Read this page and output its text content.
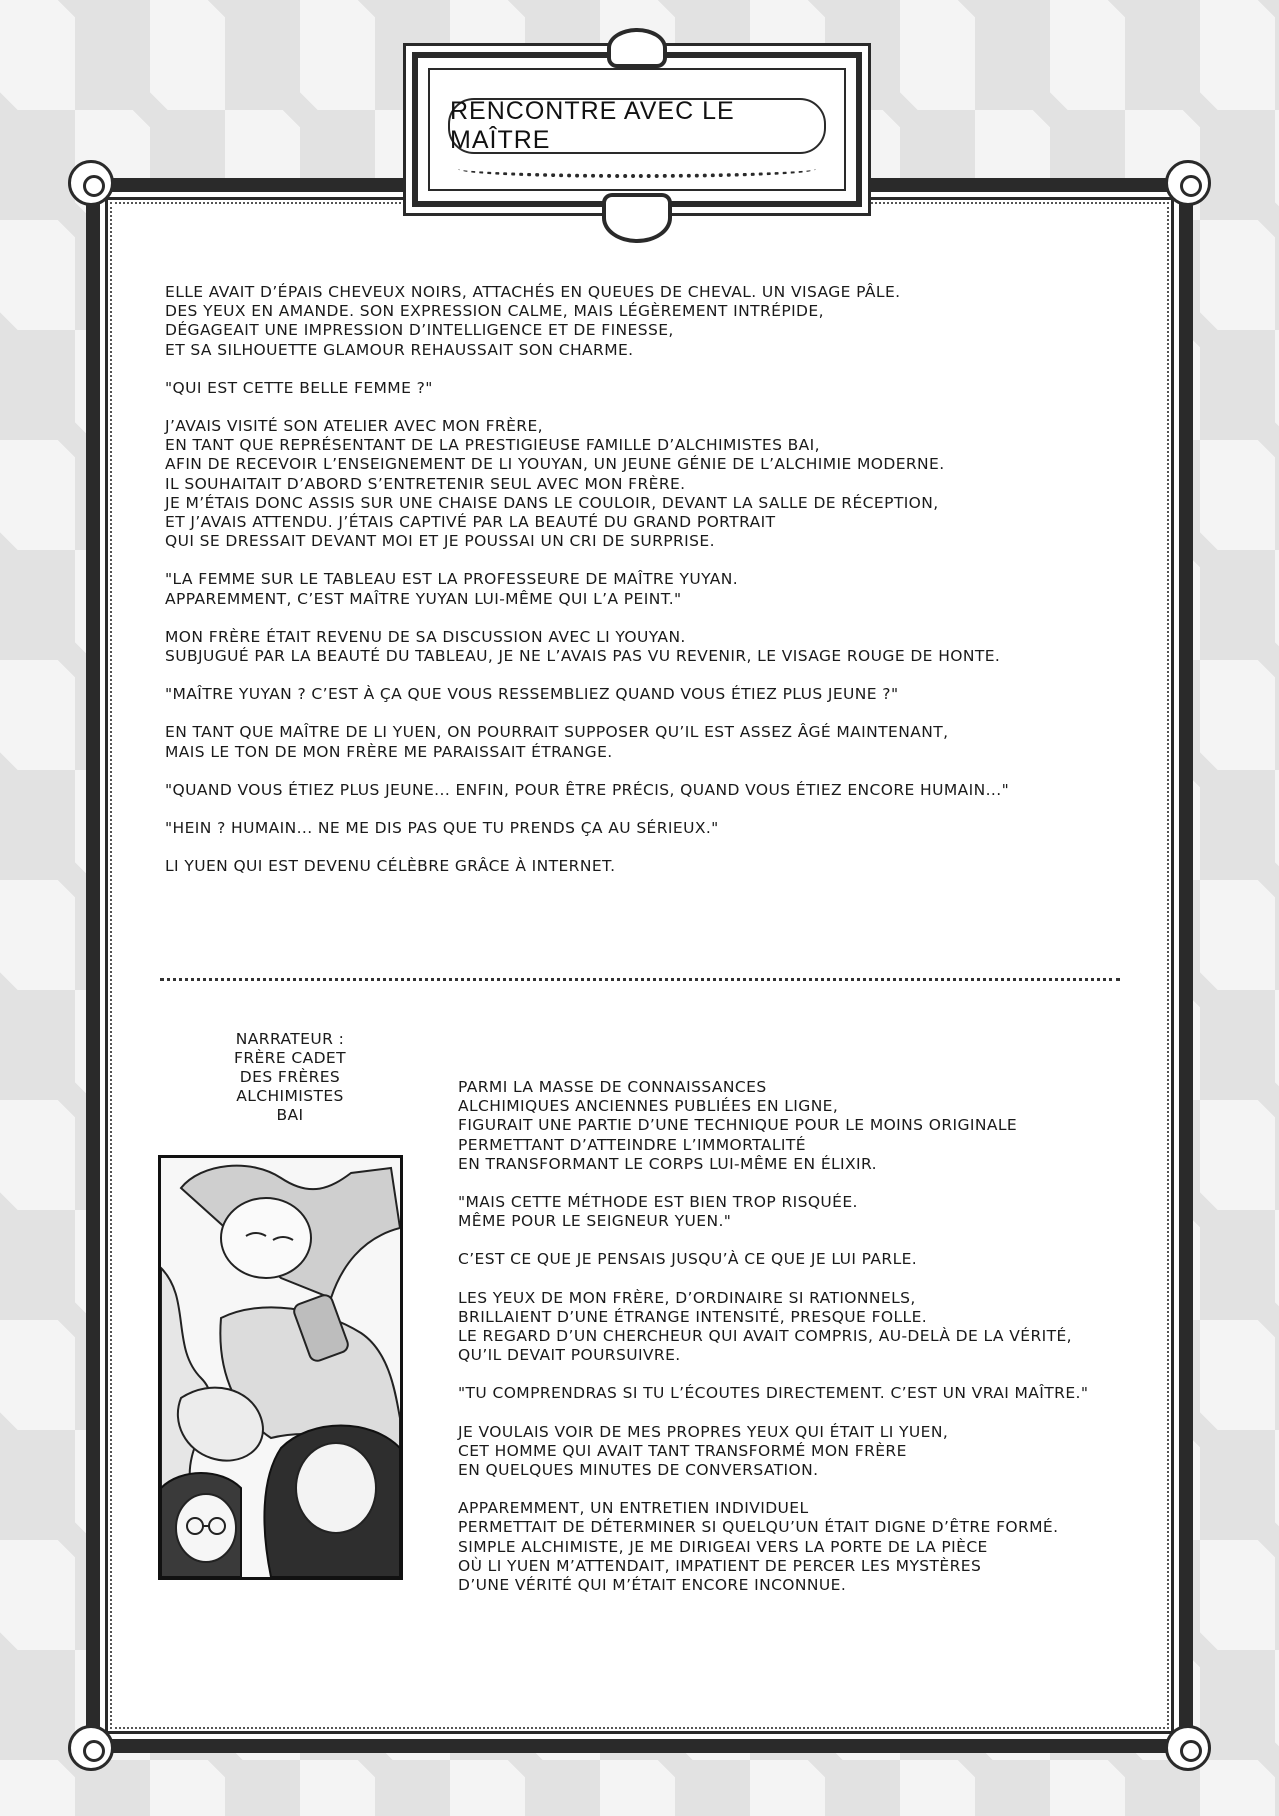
RENCONTRE AVEC LE MAÎTRE

ELLE AVAIT D’ÉPAIS CHEVEUX NOIRS, ATTACHÉS EN QUEUES DE CHEVAL. UN VISAGE PÂLE.
DES YEUX EN AMANDE. SON EXPRESSION CALME, MAIS LÉGÈREMENT INTRÉPIDE,
DÉGAGEAIT UNE IMPRESSION D’INTELLIGENCE ET DE FINESSE,
ET SA SILHOUETTE GLAMOUR REHAUSSAIT SON CHARME.

"QUI EST CETTE BELLE FEMME ?"

J’AVAIS VISITÉ SON ATELIER AVEC MON FRÈRE,
EN TANT QUE REPRÉSENTANT DE LA PRESTIGIEUSE FAMILLE D’ALCHIMISTES BAI,
AFIN DE RECEVOIR L’ENSEIGNEMENT DE LI YOUYAN, UN JEUNE GÉNIE DE L’ALCHIMIE MODERNE.
IL SOUHAITAIT D’ABORD S’ENTRETENIR SEUL AVEC MON FRÈRE.
JE M’ÉTAIS DONC ASSIS SUR UNE CHAISE DANS LE COULOIR, DEVANT LA SALLE DE RÉCEPTION,
ET J’AVAIS ATTENDU. J’ÉTAIS CAPTIVÉ PAR LA BEAUTÉ DU GRAND PORTRAIT
QUI SE DRESSAIT DEVANT MOI ET JE POUSSAI UN CRI DE SURPRISE.

"LA FEMME SUR LE TABLEAU EST LA PROFESSEURE DE MAÎTRE YUYAN.
APPAREMMENT, C’EST MAÎTRE YUYAN LUI-MÊME QUI L’A PEINT."

MON FRÈRE ÉTAIT REVENU DE SA DISCUSSION AVEC LI YOUYAN.
SUBJUGUÉ PAR LA BEAUTÉ DU TABLEAU, JE NE L’AVAIS PAS VU REVENIR, LE VISAGE ROUGE DE HONTE.

"MAÎTRE YUYAN ? C’EST À ÇA QUE VOUS RESSEMBLIEZ QUAND VOUS ÉTIEZ PLUS JEUNE ?"

EN TANT QUE MAÎTRE DE LI YUEN, ON POURRAIT SUPPOSER QU’IL EST ASSEZ ÂGÉ MAINTENANT,
MAIS LE TON DE MON FRÈRE ME PARAISSAIT ÉTRANGE.

"QUAND VOUS ÉTIEZ PLUS JEUNE... ENFIN, POUR ÊTRE PRÉCIS, QUAND VOUS ÉTIEZ ENCORE HUMAIN..."

"HEIN ? HUMAIN... NE ME DIS PAS QUE TU PRENDS ÇA AU SÉRIEUX."

LI YUEN QUI EST DEVENU CÉLÈBRE GRÂCE À INTERNET.

NARRATEUR :
FRÈRE CADET
DES FRÈRES
ALCHIMISTES
BAI

PARMI LA MASSE DE CONNAISSANCES
ALCHIMIQUES ANCIENNES PUBLIÉES EN LIGNE,
FIGURAIT UNE PARTIE D’UNE TECHNIQUE POUR LE MOINS ORIGINALE
PERMETTANT D’ATTEINDRE L’IMMORTALITÉ
EN TRANSFORMANT LE CORPS LUI-MÊME EN ÉLIXIR.

"MAIS CETTE MÉTHODE EST BIEN TROP RISQUÉE.
MÊME POUR LE SEIGNEUR YUEN."

C’EST CE QUE JE PENSAIS JUSQU’À CE QUE JE LUI PARLE.

LES YEUX DE MON FRÈRE, D’ORDINAIRE SI RATIONNELS,
BRILLAIENT D’UNE ÉTRANGE INTENSITÉ, PRESQUE FOLLE.
LE REGARD D’UN CHERCHEUR QUI AVAIT COMPRIS, AU-DELÀ DE LA VÉRITÉ,
QU’IL DEVAIT POURSUIVRE.

"TU COMPRENDRAS SI TU L’ÉCOUTES DIRECTEMENT. C’EST UN VRAI MAÎTRE."

JE VOULAIS VOIR DE MES PROPRES YEUX QUI ÉTAIT LI YUEN,
CET HOMME QUI AVAIT TANT TRANSFORMÉ MON FRÈRE
EN QUELQUES MINUTES DE CONVERSATION.

APPAREMMENT, UN ENTRETIEN INDIVIDUEL
PERMETTAIT DE DÉTERMINER SI QUELQU’UN ÉTAIT DIGNE D’ÊTRE FORMÉ.
SIMPLE ALCHIMISTE, JE ME DIRIGEAI VERS LA PORTE DE LA PIÈCE
OÙ LI YUEN M’ATTENDAIT, IMPATIENT DE PERCER LES MYSTÈRES
D’UNE VÉRITÉ QUI M’ÉTAIT ENCORE INCONNUE.
